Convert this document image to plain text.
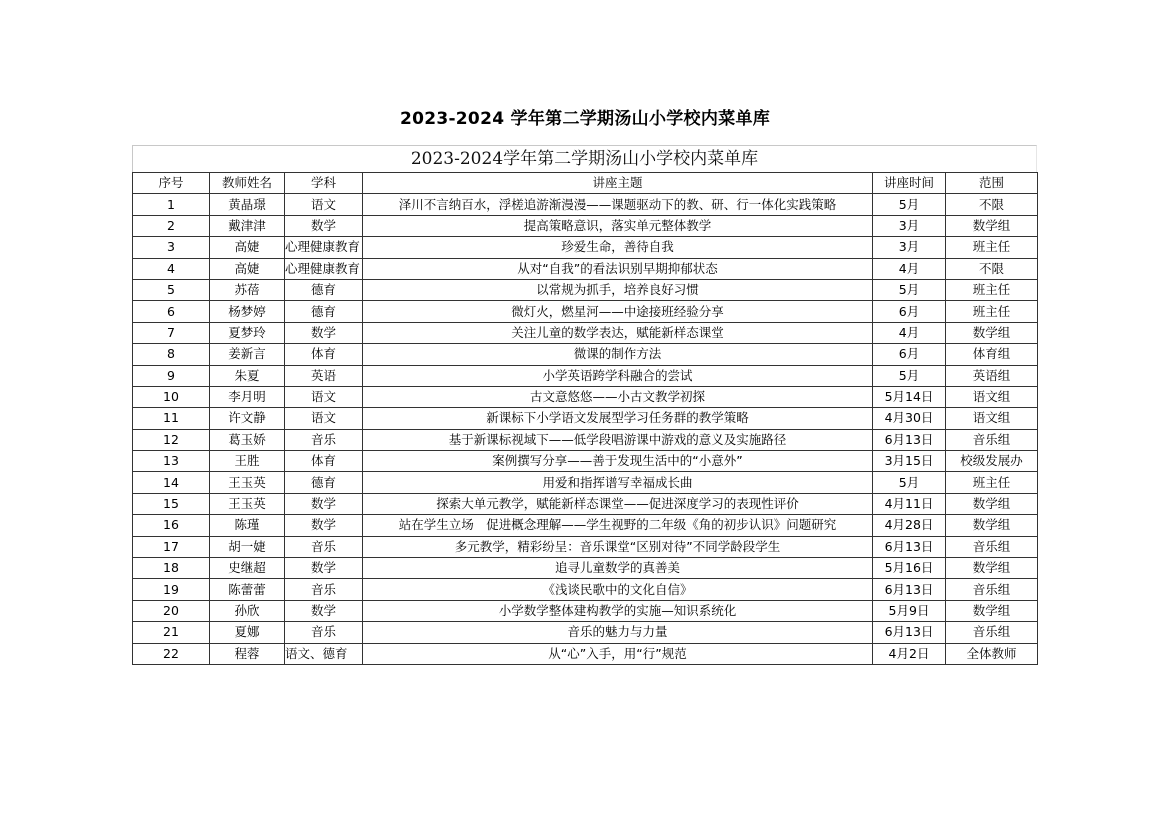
2023-2024 学年第二学期汤山小学校内菜单库
2023-2024学年第二学期汤山小学校内菜单库
序号	教师姓名	学科	讲座主题	讲座时间	范围
1	黄晶璟	语文	泽川不言纳百水，浮槎追游渐漫漫——课题驱动下的教、研、行一体化实践策略	5月	不限
2	戴津津	数学	提高策略意识，落实单元整体教学	3月	数学组
3	高婕	心理健康教育	珍爱生命，善待自我	3月	班主任
4	高婕	心理健康教育	从对“自我”的看法识别早期抑郁状态	4月	不限
5	苏蓓	德育	以常规为抓手，培养良好习惯	5月	班主任
6	杨梦婷	德育	微灯火，燃星河——中途接班经验分享	6月	班主任
7	夏梦玲	数学	关注儿童的数学表达，赋能新样态课堂	4月	数学组
8	姜新言	体育	微课的制作方法	6月	体育组
9	朱夏	英语	小学英语跨学科融合的尝试	5月	英语组
10	李月明	语文	古文意悠悠——小古文教学初探	5月14日	语文组
11	许文静	语文	新课标下小学语文发展型学习任务群的教学策略	4月30日	语文组
12	葛玉娇	音乐	基于新课标视域下——低学段唱游课中游戏的意义及实施路径	6月13日	音乐组
13	王胜	体育	案例撰写分享——善于发现生活中的“小意外”	3月15日	校级发展办
14	王玉英	德育	用爱和指挥谱写幸福成长曲	5月	班主任
15	王玉英	数学	探索大单元教学，赋能新样态课堂——促进深度学习的表现性评价	4月11日	数学组
16	陈瑾	数学	站在学生立场　促进概念理解——学生视野的二年级《角的初步认识》问题研究	4月28日	数学组
17	胡一婕	音乐	多元教学，精彩纷呈：音乐课堂“区别对待”不同学龄段学生	6月13日	音乐组
18	史继超	数学	追寻儿童数学的真善美	5月16日	数学组
19	陈蕾蕾	音乐	《浅谈民歌中的文化自信》	6月13日	音乐组
20	孙欣	数学	小学数学整体建构教学的实施—知识系统化	5月9日	数学组
21	夏娜	音乐	音乐的魅力与力量	6月13日	音乐组
22	程蓉	语文、德育	从“心”入手，用“行”规范	4月2日	全体教师
